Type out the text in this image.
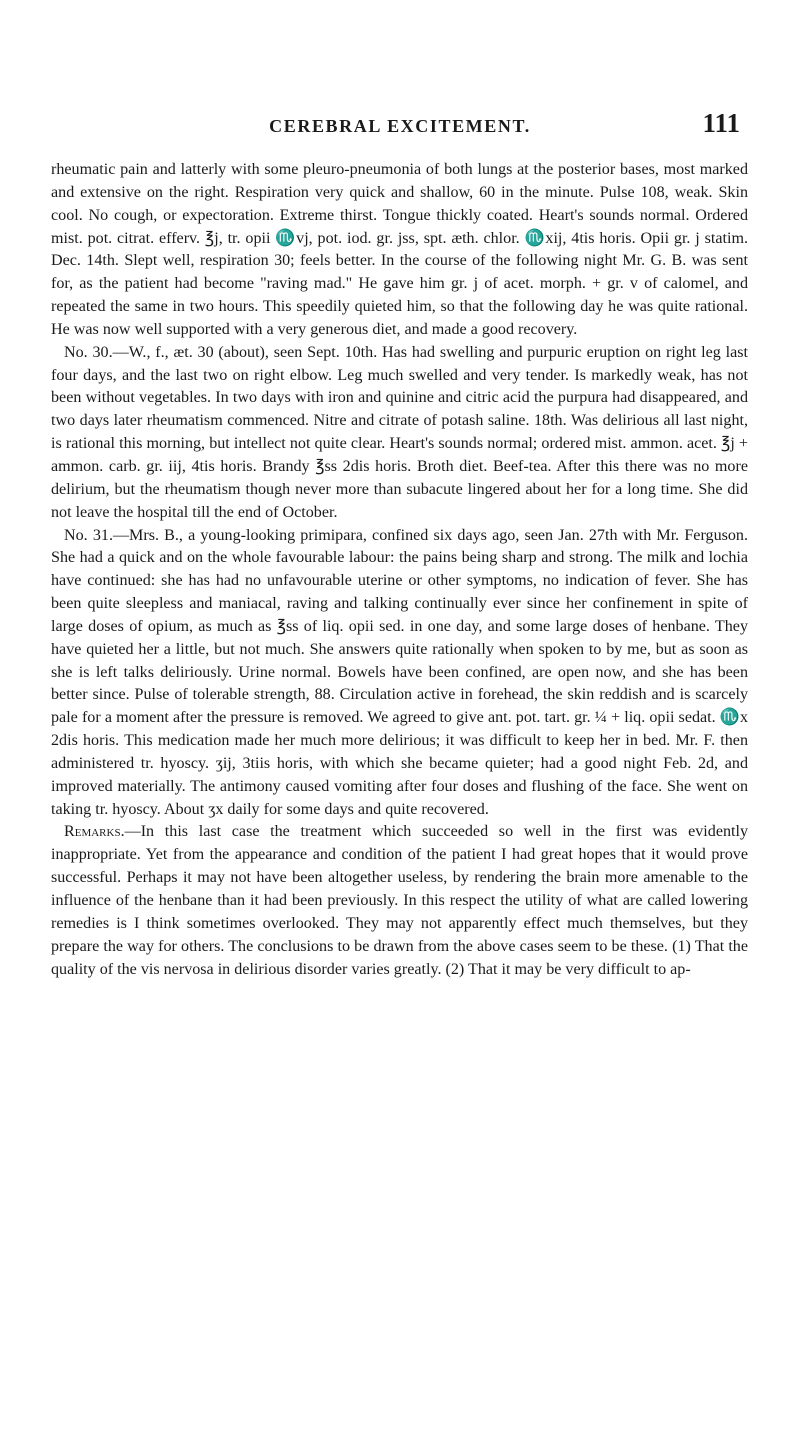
CEREBRAL EXCITEMENT.	111

rheumatic pain and latterly with some pleuro-pneumonia of both lungs at the posterior bases, most marked and extensive on the right. Respiration very quick and shallow, 60 in the minute. Pulse 108, weak. Skin cool. No cough, or expectoration. Extreme thirst. Tongue thickly coated. Heart's sounds normal. Ordered mist. pot. citrat. efferv. ℥j, tr. opii ♏vj, pot. iod. gr. jss, spt. æth. chlor. ♏xij, 4tis horis. Opii gr. j statim. Dec. 14th. Slept well, respiration 30; feels better. In the course of the following night Mr. G. B. was sent for, as the patient had become "raving mad." He gave him gr. j of acet. morph. + gr. v of calomel, and repeated the same in two hours. This speedily quieted him, so that the following day he was quite rational. He was now well supported with a very generous diet, and made a good recovery.

No. 30.—W., f., æt. 30 (about), seen Sept. 10th. Has had swelling and purpuric eruption on right leg last four days, and the last two on right elbow. Leg much swelled and very tender. Is markedly weak, has not been without vegetables. In two days with iron and quinine and citric acid the purpura had disappeared, and two days later rheumatism commenced. Nitre and citrate of potash saline. 18th. Was delirious all last night, is rational this morning, but intellect not quite clear. Heart's sounds normal; ordered mist. ammon. acet. ℥j + ammon. carb. gr. iij, 4tis horis. Brandy ℥ss 2dis horis. Broth diet. Beef-tea. After this there was no more delirium, but the rheumatism though never more than subacute lingered about her for a long time. She did not leave the hospital till the end of October.

No. 31.—Mrs. B., a young-looking primipara, confined six days ago, seen Jan. 27th with Mr. Ferguson. She had a quick and on the whole favourable labour: the pains being sharp and strong. The milk and lochia have continued: she has had no unfavourable uterine or other symptoms, no indication of fever. She has been quite sleepless and maniacal, raving and talking continually ever since her confinement in spite of large doses of opium, as much as ℥ss of liq. opii sed. in one day, and some large doses of henbane. They have quieted her a little, but not much. She answers quite rationally when spoken to by me, but as soon as she is left talks deliriously. Urine normal. Bowels have been confined, are open now, and she has been better since. Pulse of tolerable strength, 88. Circulation active in forehead, the skin reddish and is scarcely pale for a moment after the pressure is removed. We agreed to give ant. pot. tart. gr. ¼ + liq. opii sedat. ♏x 2dis horis. This medication made her much more delirious; it was difficult to keep her in bed. Mr. F. then administered tr. hyoscy. ʒij, 3tiis horis, with which she became quieter; had a good night Feb. 2d, and improved materially. The antimony caused vomiting after four doses and flushing of the face. She went on taking tr. hyoscy. About ʒx daily for some days and quite recovered.

Remarks.—In this last case the treatment which succeeded so well in the first was evidently inappropriate. Yet from the appearance and condition of the patient I had great hopes that it would prove successful. Perhaps it may not have been altogether useless, by rendering the brain more amenable to the influence of the henbane than it had been previously. In this respect the utility of what are called lowering remedies is I think sometimes overlooked. They may not apparently effect much themselves, but they prepare the way for others. The conclusions to be drawn from the above cases seem to be these. (1) That the quality of the vis nervosa in delirious disorder varies greatly. (2) That it may be very difficult to ap-
